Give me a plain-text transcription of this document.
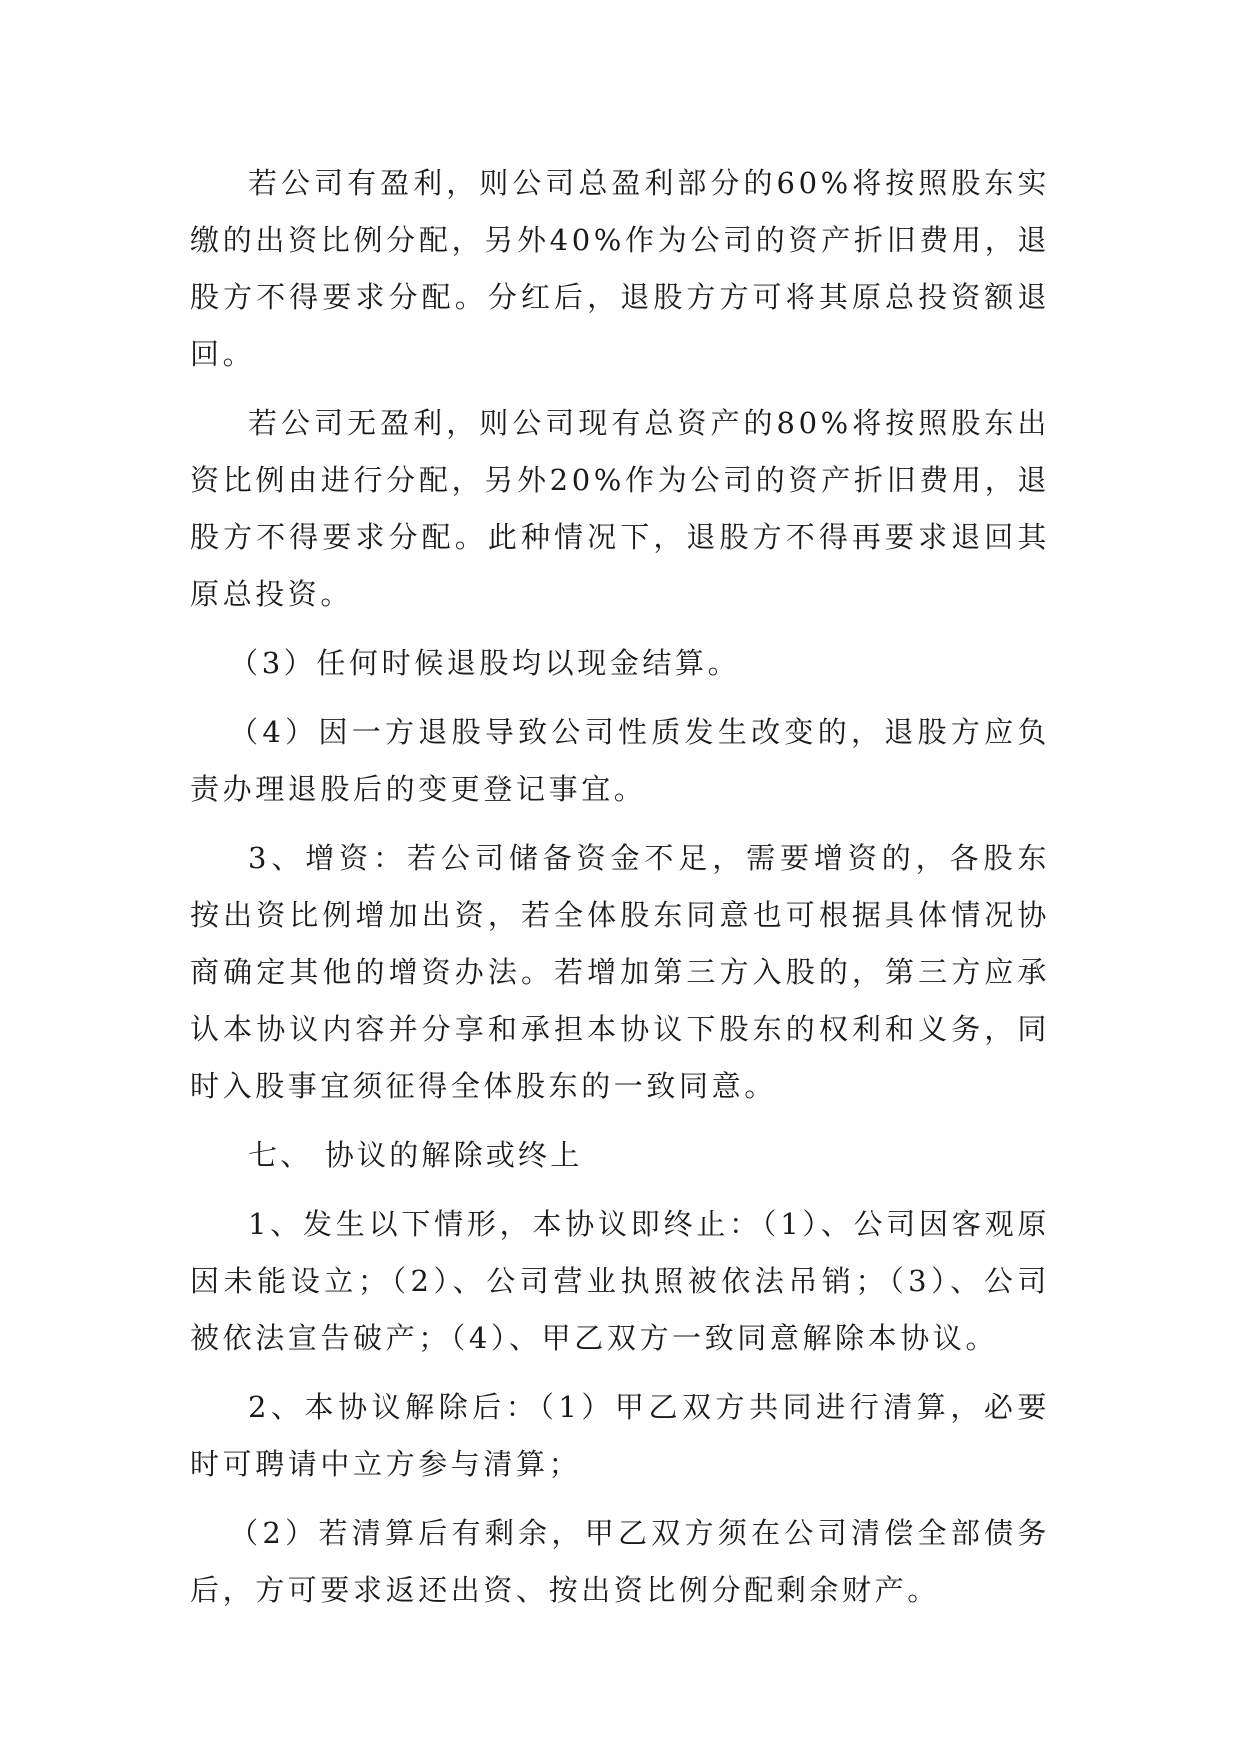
若公司有盈利，则公司总盈利部分的60%将按照股东实缴的出资比例分配，另外40%作为公司的资产折旧费用，退股方不得要求分配。分红后，退股方方可将其原总投资额退回。

若公司无盈利，则公司现有总资产的80%将按照股东出资比例由进行分配，另外20%作为公司的资产折旧费用，退股方不得要求分配。此种情况下，退股方不得再要求退回其原总投资。

（3）任何时候退股均以现金结算。

（4）因一方退股导致公司性质发生改变的，退股方应负责办理退股后的变更登记事宜。

3、增资：若公司储备资金不足，需要增资的，各股东按出资比例增加出资，若全体股东同意也可根据具体情况协商确定其他的增资办法。若增加第三方入股的，第三方应承认本协议内容并分享和承担本协议下股东的权利和义务，同时入股事宜须征得全体股东的一致同意。

七、 协议的解除或终上

1、发生以下情形，本协议即终止：（1）、公司因客观原因未能设立；（2）、公司营业执照被依法吊销；（3）、公司被依法宣告破产；（4）、甲乙双方一致同意解除本协议。

2、本协议解除后：（1）甲乙双方共同进行清算，必要时可聘请中立方参与清算；

（2）若清算后有剩余，甲乙双方须在公司清偿全部债务后，方可要求返还出资、按出资比例分配剩余财产。
